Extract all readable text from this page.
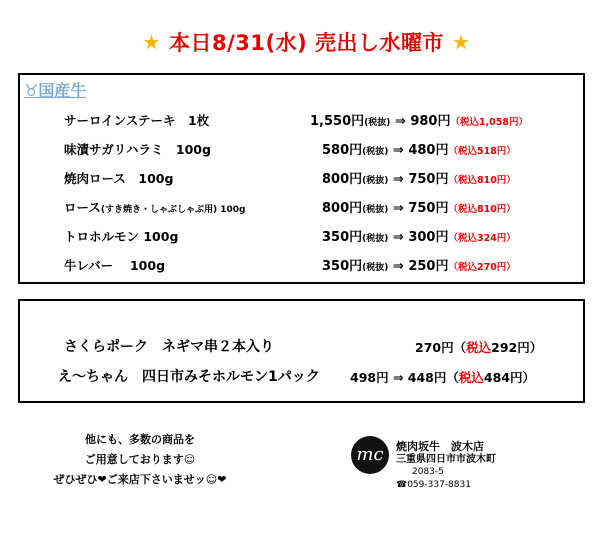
★ 本日8/31(水) 売出し水曜市 ★
♉国産牛
サーロインステーキ　1枚	1,550円(税抜) ⇒ 980円（税込1,058円）
味漬サガリハラミ　100g	580円(税抜) ⇒ 480円（税込518円）
焼肉ロース　100g	800円(税抜) ⇒ 750円（税込810円）
ロース(すき焼き・しゃぶしゃぶ用) 100g	800円(税抜) ⇒ 750円（税込810円）
トロホルモン 100g	350円(税抜) ⇒ 300円（税込324円）
牛レバー　 100g	350円(税抜) ⇒ 250円（税込270円）
さくらポーク　ネギマ串２本入り	270円（税込292円）
え～ちゃん　四日市みそホルモン1パック 498円 ⇒ 448円（税込484円）
他にも、多数の商品を
ご用意しております☺
ぜひぜひ❤ご来店下さいませッ☺❤
mc	焼肉坂牛　波木店
三重県四日市市波木町
2083-5
☎059-337-8831
